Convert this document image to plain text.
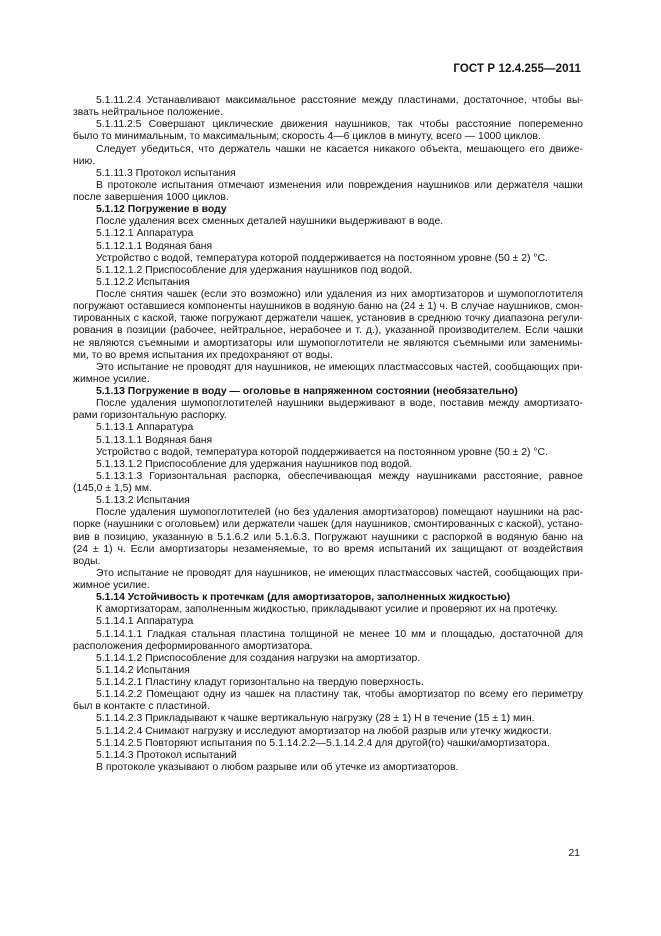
ГОСТ Р 12.4.255—2011

5.1.11.2.4 Устанавливают максимальное расстояние между пластинами, достаточное, чтобы вы-

звать нейтральное положение.

5.1.11.2.5 Совершают циклические движения наушников, так чтобы расстояние попеременно

было то минимальным, то максимальным; скорость 4—6 циклов в минуту, всего — 1000 циклов.

Следует убедиться, что держатель чашки не касается никакого объекта, мешающего его движе-

нию.

5.1.11.3 Протокол испытания

В протоколе испытания отмечают изменения или повреждения наушников или держателя чашки

после завершения 1000 циклов.

5.1.12 Погружение в воду

После удаления всех сменных деталей наушники выдерживают в воде.

5.1.12.1 Аппаратура

5.1.12.1.1 Водяная баня

Устройство с водой, температура которой поддерживается на постоянном уровне (50 ± 2) °С.

5.1.12.1.2 Приспособление для удержания наушников под водой.

5.1.12.2 Испытания

После снятия чашек (если это возможно) или удаления из них амортизаторов и шумопоглотителя

погружают оставшиеся компоненты наушников в водяную баню на (24 ± 1) ч. В случае наушников, смон-

тированных с каской, также погружают держатели чашек, установив в среднюю точку диапазона регули-

рования в позиции (рабочее, нейтральное, нерабочее и т. д.), указанной производителем. Если чашки

не являются съемными и амортизаторы или шумопоглотители не являются съемными или заменимы-

ми, то во время испытания их предохраняют от воды.

Это испытание не проводят для наушников, не имеющих пластмассовых частей, сообщающих при-

жимное усилие.

5.1.13 Погружение в воду — оголовье в напряженном состоянии (необязательно)

После удаления шумопоглотителей наушники выдерживают в воде, поставив между амортизато-

рами горизонтальную распорку.

5.1.13.1 Аппаратура

5.1.13.1.1 Водяная баня

Устройство с водой, температура которой поддерживается на постоянном уровне (50 ± 2) °С.

5.1.13.1.2 Приспособление для удержания наушников под водой.

5.1.13.1.3 Горизонтальная распорка, обеспечивающая между наушниками расстояние, равное

(145,0 ± 1,5) мм.

5.1.13.2 Испытания

После удаления шумопоглотителей (но без удаления амортизаторов) помещают наушники на рас-

порке (наушники с оголовьем) или держатели чашек (для наушников, смонтированных с каской), устано-

вив в позицию, указанную в 5.1.6.2 или 5.1.6.3. Погружают наушники с распоркой в водяную баню на

(24 ± 1) ч. Если амортизаторы незаменяемые, то во время испытаний их защищают от воздействия воды.

Это испытание не проводят для наушников, не имеющих пластмассовых частей, сообщающих при-

жимное усилие.

5.1.14 Устойчивость к протечкам (для амортизаторов, заполненных жидкостью)

К амортизаторам, заполненным жидкостью, прикладывают усилие и проверяют их на протечку.

5.1.14.1 Аппаратура

5.1.14.1.1 Гладкая стальная пластина толщиной не менее 10 мм и площадью, достаточной для

расположения деформированного амортизатора.

5.1.14.1.2 Приспособление для создания нагрузки на амортизатор.

5.1.14.2 Испытания

5.1.14.2.1 Пластину кладут горизонтально на твердую поверхность.

5.1.14.2.2 Помещают одну из чашек на пластину так, чтобы амортизатор по всему его периметру

был в контакте с пластиной.

5.1.14.2.3 Прикладывают к чашке вертикальную нагрузку (28 ± 1) Н в течение (15 ± 1) мин.

5.1.14.2.4 Снимают нагрузку и исследуют амортизатор на любой разрыв или утечку жидкости.

5.1.14.2.5 Повторяют испытания по 5.1.14.2.2—5.1.14.2.4 для другой(го) чашки/амортизатора.

5.1.14.3 Протокол испытаний

В протоколе указывают о любом разрыве или об утечке из амортизаторов.

21
